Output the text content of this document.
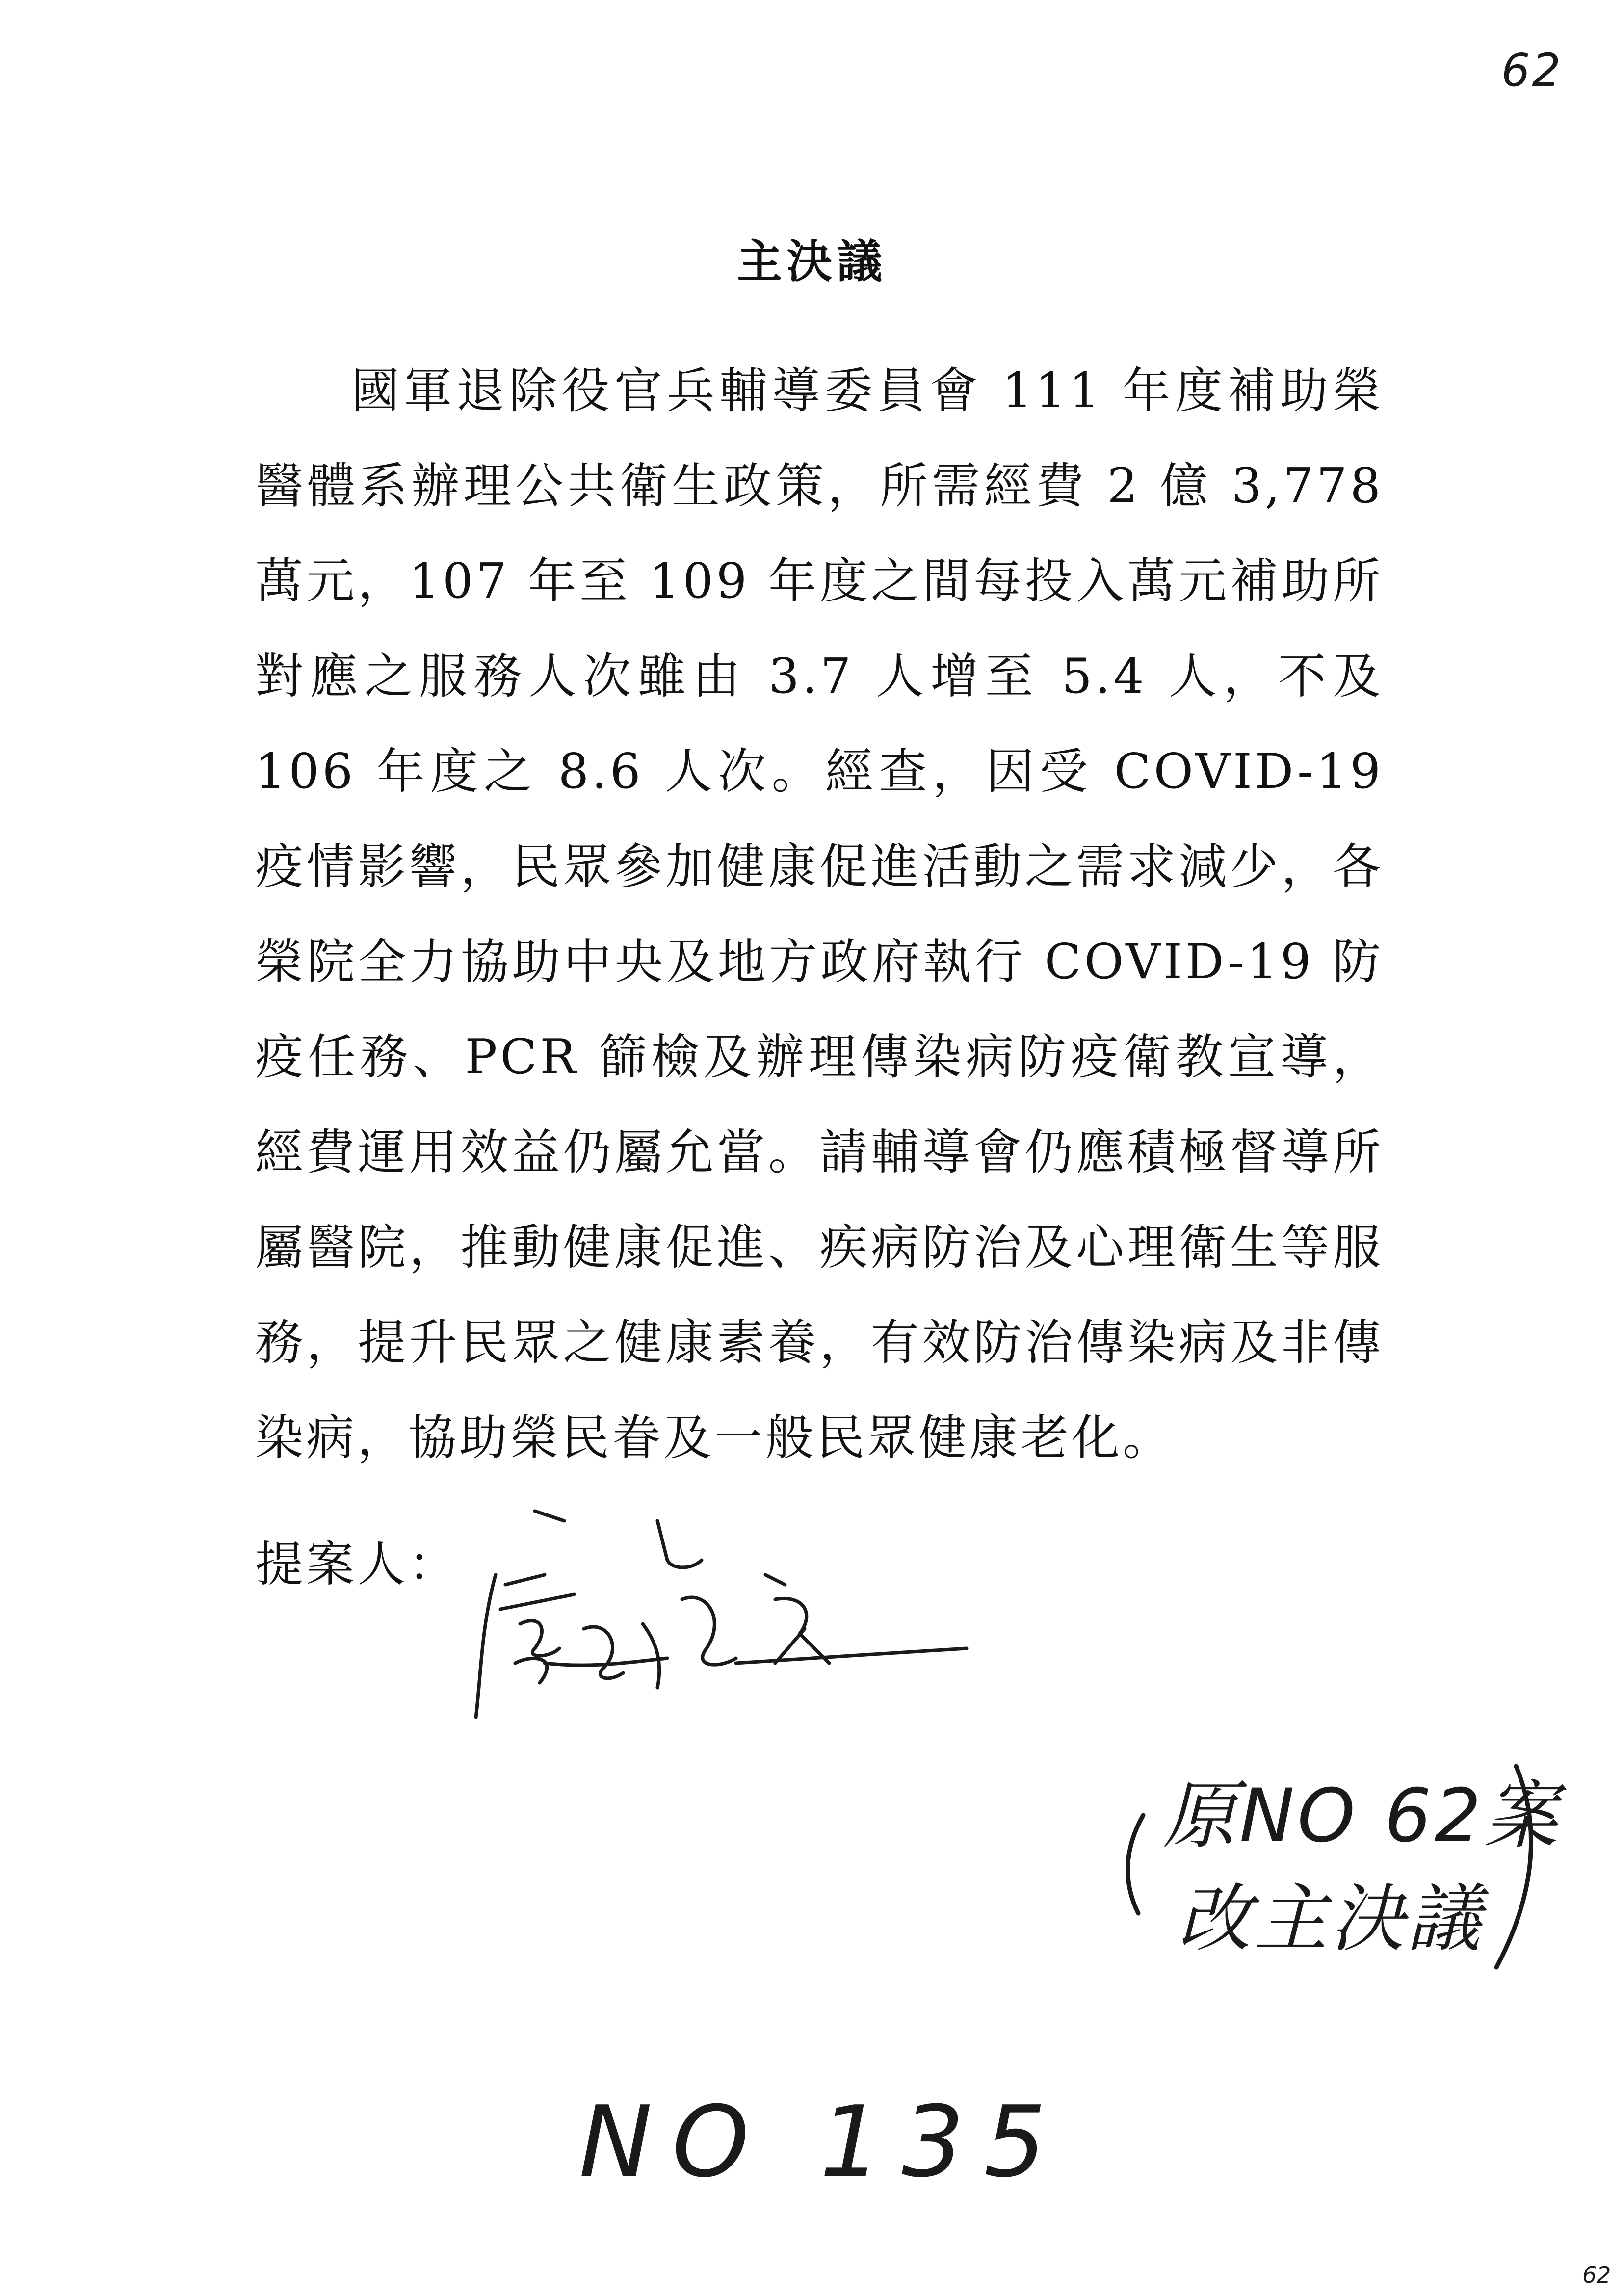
62
主決議

國軍退除役官兵輔導委員會 111 年度補助榮醫體系辦理公共衛生政策，所需經費 2 億 3,778 萬元，107 年至 109 年度之間每投入萬元補助所對應之服務人次雖由 3.7 人增至 5.4 人，不及 106 年度之 8.6 人次。經查，因受 COVID-19 疫情影響，民眾參加健康促進活動之需求減少，各榮院全力協助中央及地方政府執行 COVID-19 防疫任務、PCR 篩檢及辦理傳染病防疫衛教宣導，經費運用效益仍屬允當。請輔導會仍應積極督導所屬醫院，推動健康促進、疾病防治及心理衛生等服務，提升民眾之健康素養，有效防治傳染病及非傳染病，協助榮民眷及一般民眾健康老化。

提案人：
原NO 62案
改主決議
NO 135
62
